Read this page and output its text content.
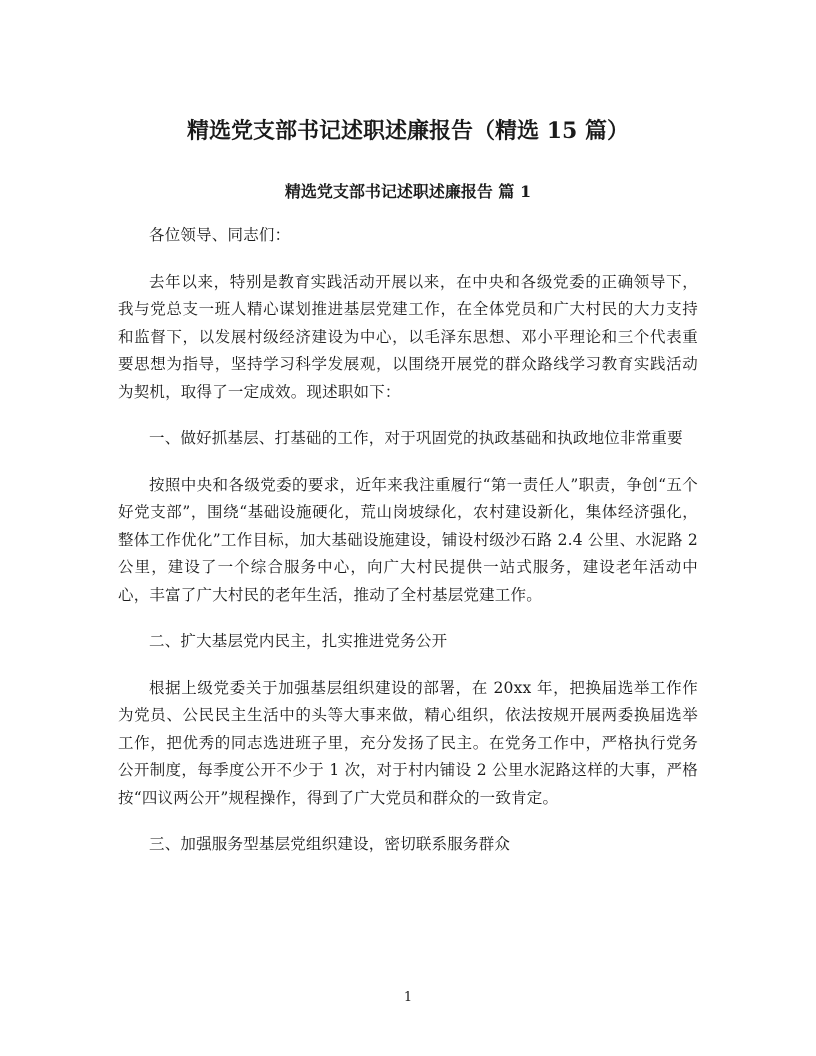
精选党支部书记述职述廉报告（精选 15 篇）
精选党支部书记述职述廉报告 篇 1

各位领导、同志们：

去年以来，特别是教育实践活动开展以来，在中央和各级党委的正确领导下，我与党总支一班人精心谋划推进基层党建工作，在全体党员和广大村民的大力支持和监督下，以发展村级经济建设为中心，以毛泽东思想、邓小平理论和三个代表重要思想为指导，坚持学习科学发展观，以围绕开展党的群众路线学习教育实践活动为契机，取得了一定成效。现述职如下：

一、做好抓基层、打基础的工作，对于巩固党的执政基础和执政地位非常重要

按照中央和各级党委的要求，近年来我注重履行“第一责任人”职责，争创“五个好党支部”，围绕“基础设施硬化，荒山岗坡绿化，农村建设新化，集体经济强化，整体工作优化”工作目标，加大基础设施建设，铺设村级沙石路 2.4 公里、水泥路 2 公里，建设了一个综合服务中心，向广大村民提供一站式服务，建设老年活动中心，丰富了广大村民的老年生活，推动了全村基层党建工作。

二、扩大基层党内民主，扎实推进党务公开

根据上级党委关于加强基层组织建设的部署，在 20xx 年，把换届选举工作作为党员、公民民主生活中的头等大事来做，精心组织，依法按规开展两委换届选举工作，把优秀的同志选进班子里，充分发扬了民主。在党务工作中，严格执行党务公开制度，每季度公开不少于 1 次，对于村内铺设 2 公里水泥路这样的大事，严格按“四议两公开”规程操作，得到了广大党员和群众的一致肯定。

三、加强服务型基层党组织建设，密切联系服务群众

1
